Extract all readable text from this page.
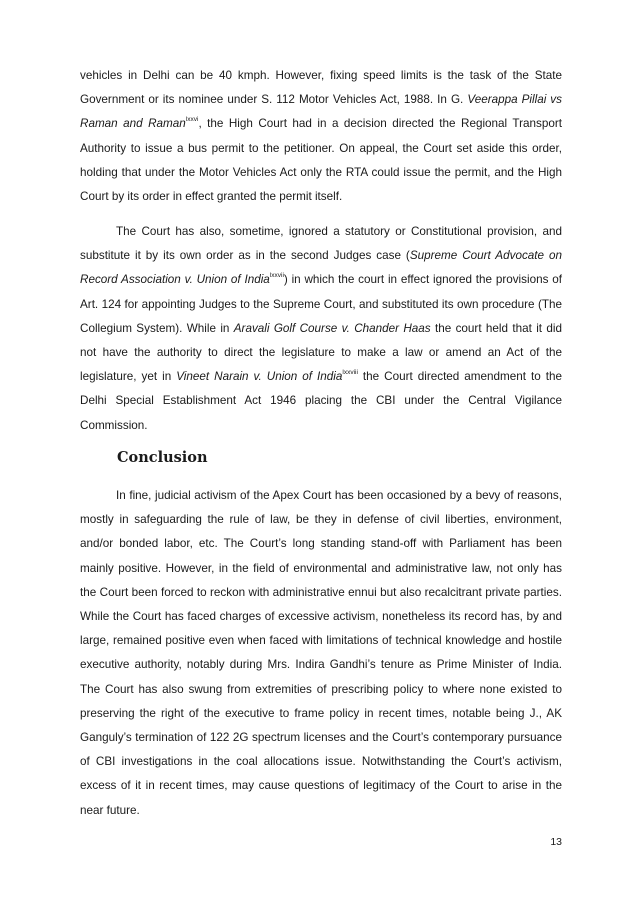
vehicles in Delhi can be 40 kmph. However, fixing speed limits is the task of the State Government or its nominee under S. 112 Motor Vehicles Act, 1988. In G. Veerappa Pillai vs Raman and Raman$^{lxxvi}$, the High Court had in a decision directed the Regional Transport Authority to issue a bus permit to the petitioner. On appeal, the Court set aside this order, holding that under the Motor Vehicles Act only the RTA could issue the permit, and the High Court by its order in effect granted the permit itself.
The Court has also, sometime, ignored a statutory or Constitutional provision, and substitute it by its own order as in the second Judges case (Supreme Court Advocate on Record Association v. Union of India$^{lxxvii}$) in which the court in effect ignored the provisions of Art. 124 for appointing Judges to the Supreme Court, and substituted its own procedure (The Collegium System). While in Aravali Golf Course v. Chander Haas the court held that it did not have the authority to direct the legislature to make a law or amend an Act of the legislature, yet in Vineet Narain v. Union of India$^{lxxviii}$ the Court directed amendment to the Delhi Special Establishment Act 1946 placing the CBI under the Central Vigilance Commission.
Conclusion
In fine, judicial activism of the Apex Court has been occasioned by a bevy of reasons, mostly in safeguarding the rule of law, be they in defense of civil liberties, environment, and/or bonded labor, etc. The Court’s long standing stand-off with Parliament has been mainly positive. However, in the field of environmental and administrative law, not only has the Court been forced to reckon with administrative ennui but also recalcitrant private parties. While the Court has faced charges of excessive activism, nonetheless its record has, by and large, remained positive even when faced with limitations of technical knowledge and hostile executive authority, notably during Mrs. Indira Gandhi’s tenure as Prime Minister of India. The Court has also swung from extremities of prescribing policy to where none existed to preserving the right of the executive to frame policy in recent times, notable being J., AK Ganguly’s termination of 122 2G spectrum licenses and the Court’s contemporary pursuance of CBI investigations in the coal allocations issue. Notwithstanding the Court’s activism, excess of it in recent times, may cause questions of legitimacy of the Court to arise in the near future.
13
